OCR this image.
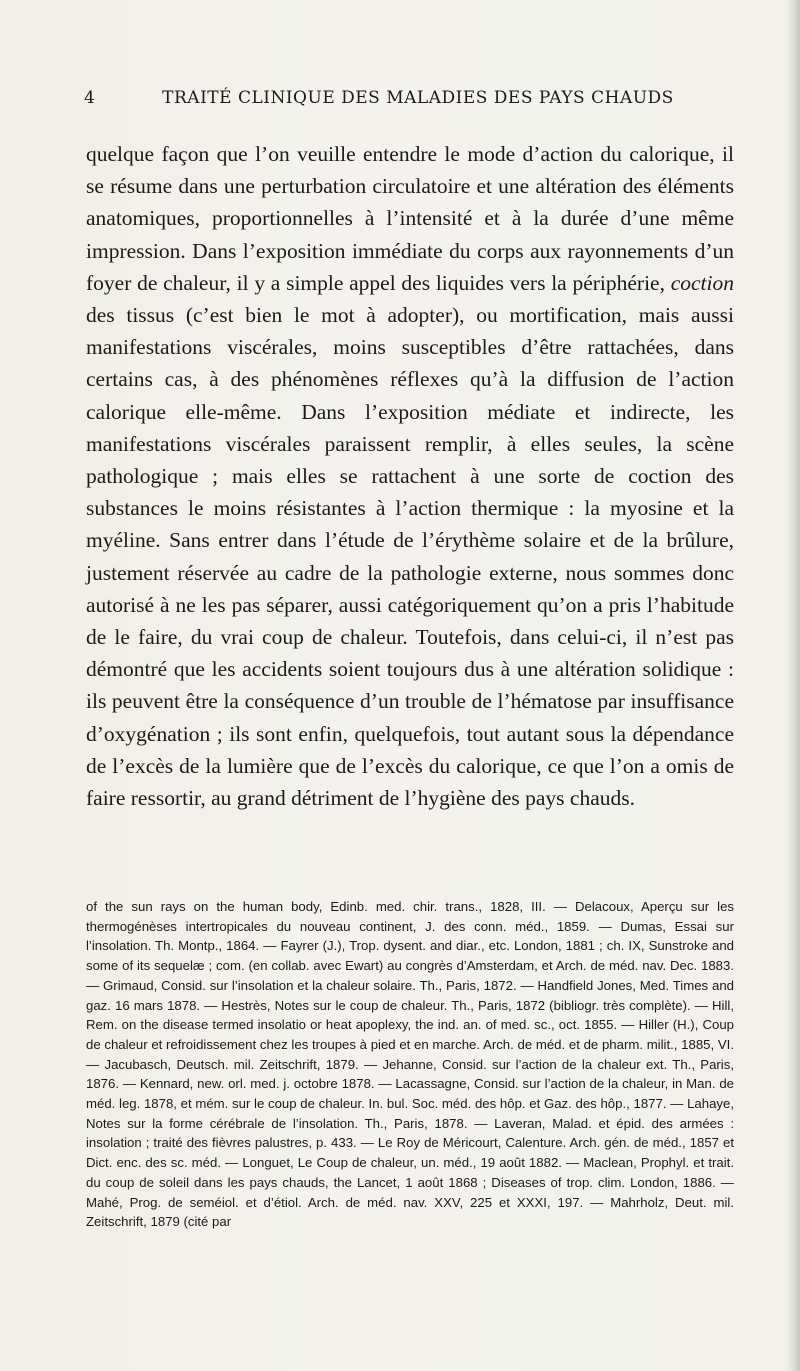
4	TRAITÉ CLINIQUE DES MALADIES DES PAYS CHAUDS

quelque façon que l’on veuille entendre le mode d’action du calorique, il se résume dans une perturbation circulatoire et une altération des éléments anatomiques, proportionnelles à l’intensité et à la durée d’une même impression. Dans l’exposition immédiate du corps aux rayonnements d’un foyer de chaleur, il y a simple appel des liquides vers la périphérie, coction des tissus (c’est bien le mot à adopter), ou mortification, mais aussi manifestations viscérales, moins susceptibles d’être rattachées, dans certains cas, à des phénomènes réflexes qu’à la diffusion de l’action calorique elle-même. Dans l’exposition médiate et indirecte, les manifestations viscérales paraissent remplir, à elles seules, la scène pathologique ; mais elles se rattachent à une sorte de coction des substances le moins résistantes à l’action thermique : la myosine et la myéline. Sans entrer dans l’étude de l’érythème solaire et de la brûlure, justement réservée au cadre de la pathologie externe, nous sommes donc autorisé à ne les pas séparer, aussi catégoriquement qu’on a pris l’habitude de le faire, du vrai coup de chaleur. Toutefois, dans celui-ci, il n’est pas démontré que les accidents soient toujours dus à une altération solidique : ils peuvent être la conséquence d’un trouble de l’hématose par insuffisance d’oxygénation ; ils sont enfin, quelquefois, tout autant sous la dépendance de l’excès de la lumière que de l’excès du calorique, ce que l’on a omis de faire ressortir, au grand détriment de l’hygiène des pays chauds.

of the sun rays on the human body, Edinb. med. chir. trans., 1828, III. — Delacoux, Aperçu sur les thermogénèses intertropicales du nouveau continent, J. des conn. méd., 1859. — Dumas, Essai sur l’insolation. Th. Montp., 1864. — Fayrer (J.), Trop. dysent. and diar., etc. London, 1881 ; ch. IX, Sunstroke and some of its sequelæ ; com. (en collab. avec Ewart) au congrès d’Amsterdam, et Arch. de méd. nav. Dec. 1883. — Grimaud, Consid. sur l’insolation et la chaleur solaire. Th., Paris, 1872. — Handfield Jones, Med. Times and gaz. 16 mars 1878. — Hestrès, Notes sur le coup de chaleur. Th., Paris, 1872 (bibliogr. très complète). — Hill, Rem. on the disease termed insolatio or heat apoplexy, the ind. an. of med. sc., oct. 1855. — Hiller (H.), Coup de chaleur et refroidissement chez les troupes à pied et en marche. Arch. de méd. et de pharm. milit., 1885, VI. — Jacubasch, Deutsch. mil. Zeitschrift, 1879. — Jehanne, Consid. sur l’action de la chaleur ext. Th., Paris, 1876. — Kennard, new. orl. med. j. octobre 1878. — Lacassagne, Consid. sur l’action de la chaleur, in Man. de méd. leg. 1878, et mém. sur le coup de chaleur. In. bul. Soc. méd. des hôp. et Gaz. des hôp., 1877. — Lahaye, Notes sur la forme cérébrale de l’insolation. Th., Paris, 1878. — Laveran, Malad. et épid. des armées : insolation ; traité des fièvres palustres, p. 433. — Le Roy de Méricourt, Calenture. Arch. gén. de méd., 1857 et Dict. enc. des sc. méd. — Longuet, Le Coup de chaleur, un. méd., 19 août 1882. — Maclean, Prophyl. et trait. du coup de soleil dans les pays chauds, the Lancet, 1 août 1868 ; Diseases of trop. clim. London, 1886. — Mahé, Prog. de seméiol. et d’étiol. Arch. de méd. nav. XXV, 225 et XXXI, 197. — Mahrholz, Deut. mil. Zeitschrift, 1879 (cité par
